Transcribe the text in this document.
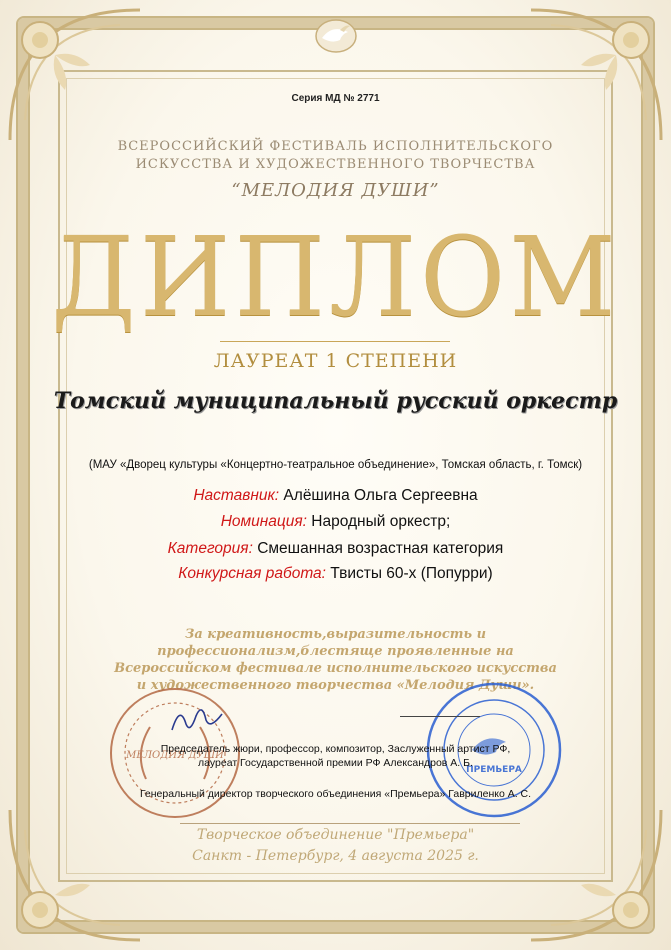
Серия МД № 2771
ВСЕРОССИЙСКИЙ ФЕСТИВАЛЬ ИСПОЛНИТЕЛЬСКОГО
ИСКУССТВА И ХУДОЖЕСТВЕННОГО ТВОРЧЕСТВА
“МЕЛОДИЯ ДУШИ”
ДИПЛОМ
ЛАУРЕАТ 1 СТЕПЕНИ
Томский муниципальный русский оркестр
(МАУ «Дворец культуры «Концертно-театральное объединение», Томская область, г. Томск)
Наставник: Алёшина Ольга Сергеевна
Номинация: Народный оркестр;
Категория: Смешанная возрастная категория
Конкурсная работа: Твисты 60-х (Попурри)
За креативность,выразительность и профессионализм,блестяще проявленные на Всероссийском фестивале исполнительского искусства и художественного творчества «Мелодия Души».
МЕЛОДИЯ ДУШИ
ПРЕМЬЕРА
Председатель жюри, профессор, композитор, Заслуженный артист РФ,
лауреат Государственной премии РФ Александров А. Б.
Генеральный директор творческого объединения «Премьера» Гавриленко А. С.
Творческое объединение "Премьера"
Санкт - Петербург, 4 августа 2025 г.
